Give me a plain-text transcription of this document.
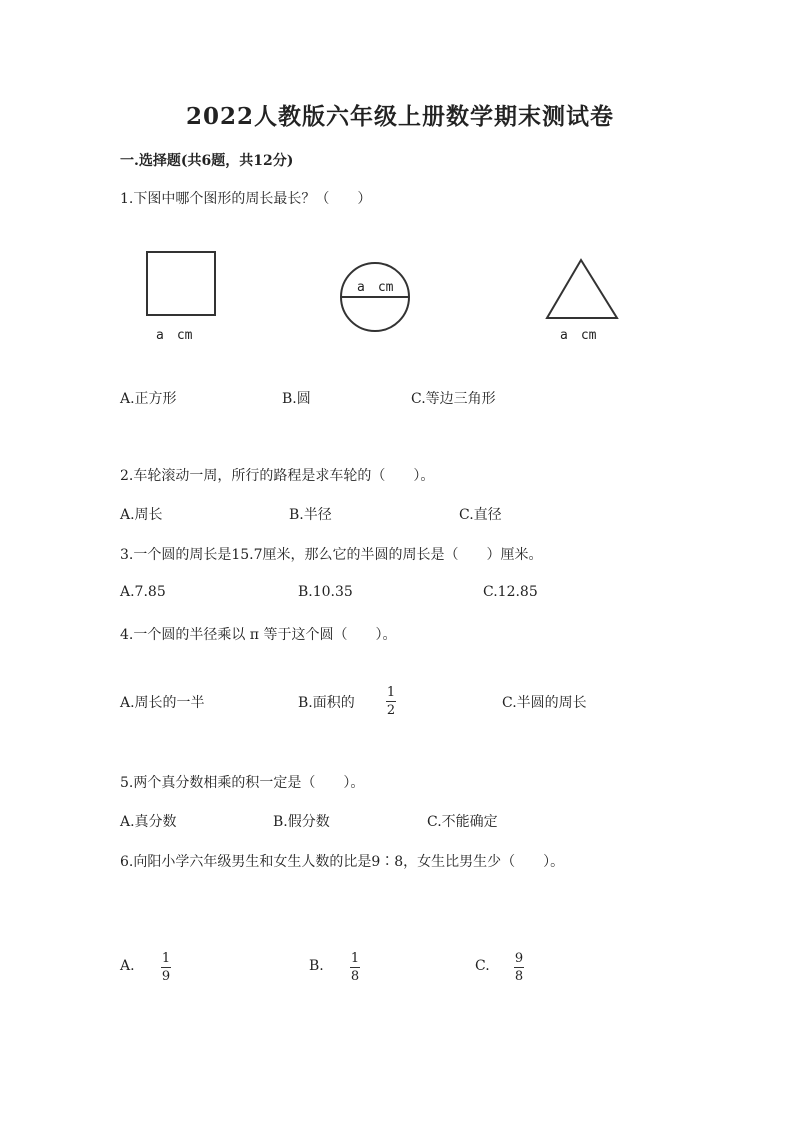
2022人教版六年级上册数学期末测试卷
一.选择题(共6题，共12分)
1.下图中哪个图形的周长最长？（　　）
a　cm
a　cm
a　cm
A.正方形	B.圆	C.等边三角形
2.车轮滚动一周，所行的路程是求车轮的（　　）。
A.周长	B.半径	C.直径
3.一个圆的周长是15.7厘米，那么它的半圆的周长是（　　）厘米。
A.7.85	B.10.35	C.12.85
4.一个圆的半径乘以 π 等于这个圆（　　）。
A.周长的一半	B.面积的
1
2	C.半圆的周长
5.两个真分数相乘的积一定是（　　）。
A.真分数	B.假分数	C.不能确定
6.向阳小学六年级男生和女生人数的比是9∶8，女生比男生少（　　）。
A. 1
9
B. 1
8
C. 9
8
